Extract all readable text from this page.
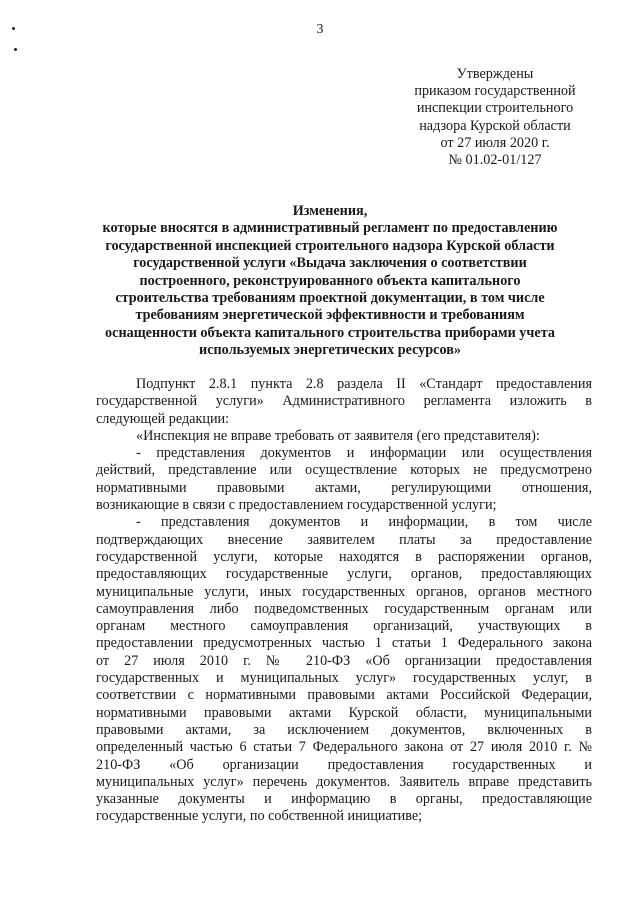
3
Утверждены
приказом государственной
инспекции строительного
надзора Курской области
от 27 июля 2020 г.
№ 01.02-01/127
Изменения,
которые вносятся в административный регламент по предоставлению
государственной инспекцией строительного надзора Курской области
государственной услуги «Выдача заключения о соответствии
построенного, реконструированного объекта капитального
строительства требованиям проектной документации, в том числе
требованиям энергетической эффективности и требованиям
оснащенности объекта капитального строительства приборами учета
используемых энергетических ресурсов»
Подпункт 2.8.1 пункта 2.8 раздела II «Стандарт предоставления
государственной услуги» Административного регламента изложить в
следующей редакции:
«Инспекция не вправе требовать от заявителя (его представителя):
- представления документов и информации или осуществления
действий, представление или осуществление которых не предусмотрено
нормативными правовыми актами, регулирующими отношения,
возникающие в связи с предоставлением государственной услуги;
- представления документов и информации, в том числе
подтверждающих внесение заявителем платы за предоставление
государственной услуги, которые находятся в распоряжении органов,
предоставляющих государственные услуги, органов, предоставляющих
муниципальные услуги, иных государственных органов, органов местного
самоуправления либо подведомственных государственным органам или
органам местного самоуправления организаций, участвующих в
предоставлении предусмотренных частью 1 статьи 1 Федерального закона
от 27 июля 2010 г. № 210-ФЗ «Об организации предоставления
государственных и муниципальных услуг» государственных услуг, в
соответствии с нормативными правовыми актами Российской Федерации,
нормативными правовыми актами Курской области, муниципальными
правовыми актами, за исключением документов, включенных в
определенный частью 6 статьи 7 Федерального закона от 27 июля 2010 г. №
210-ФЗ «Об организации предоставления государственных и
муниципальных услуг» перечень документов. Заявитель вправе представить
указанные документы и информацию в органы, предоставляющие
государственные услуги, по собственной инициативе;
